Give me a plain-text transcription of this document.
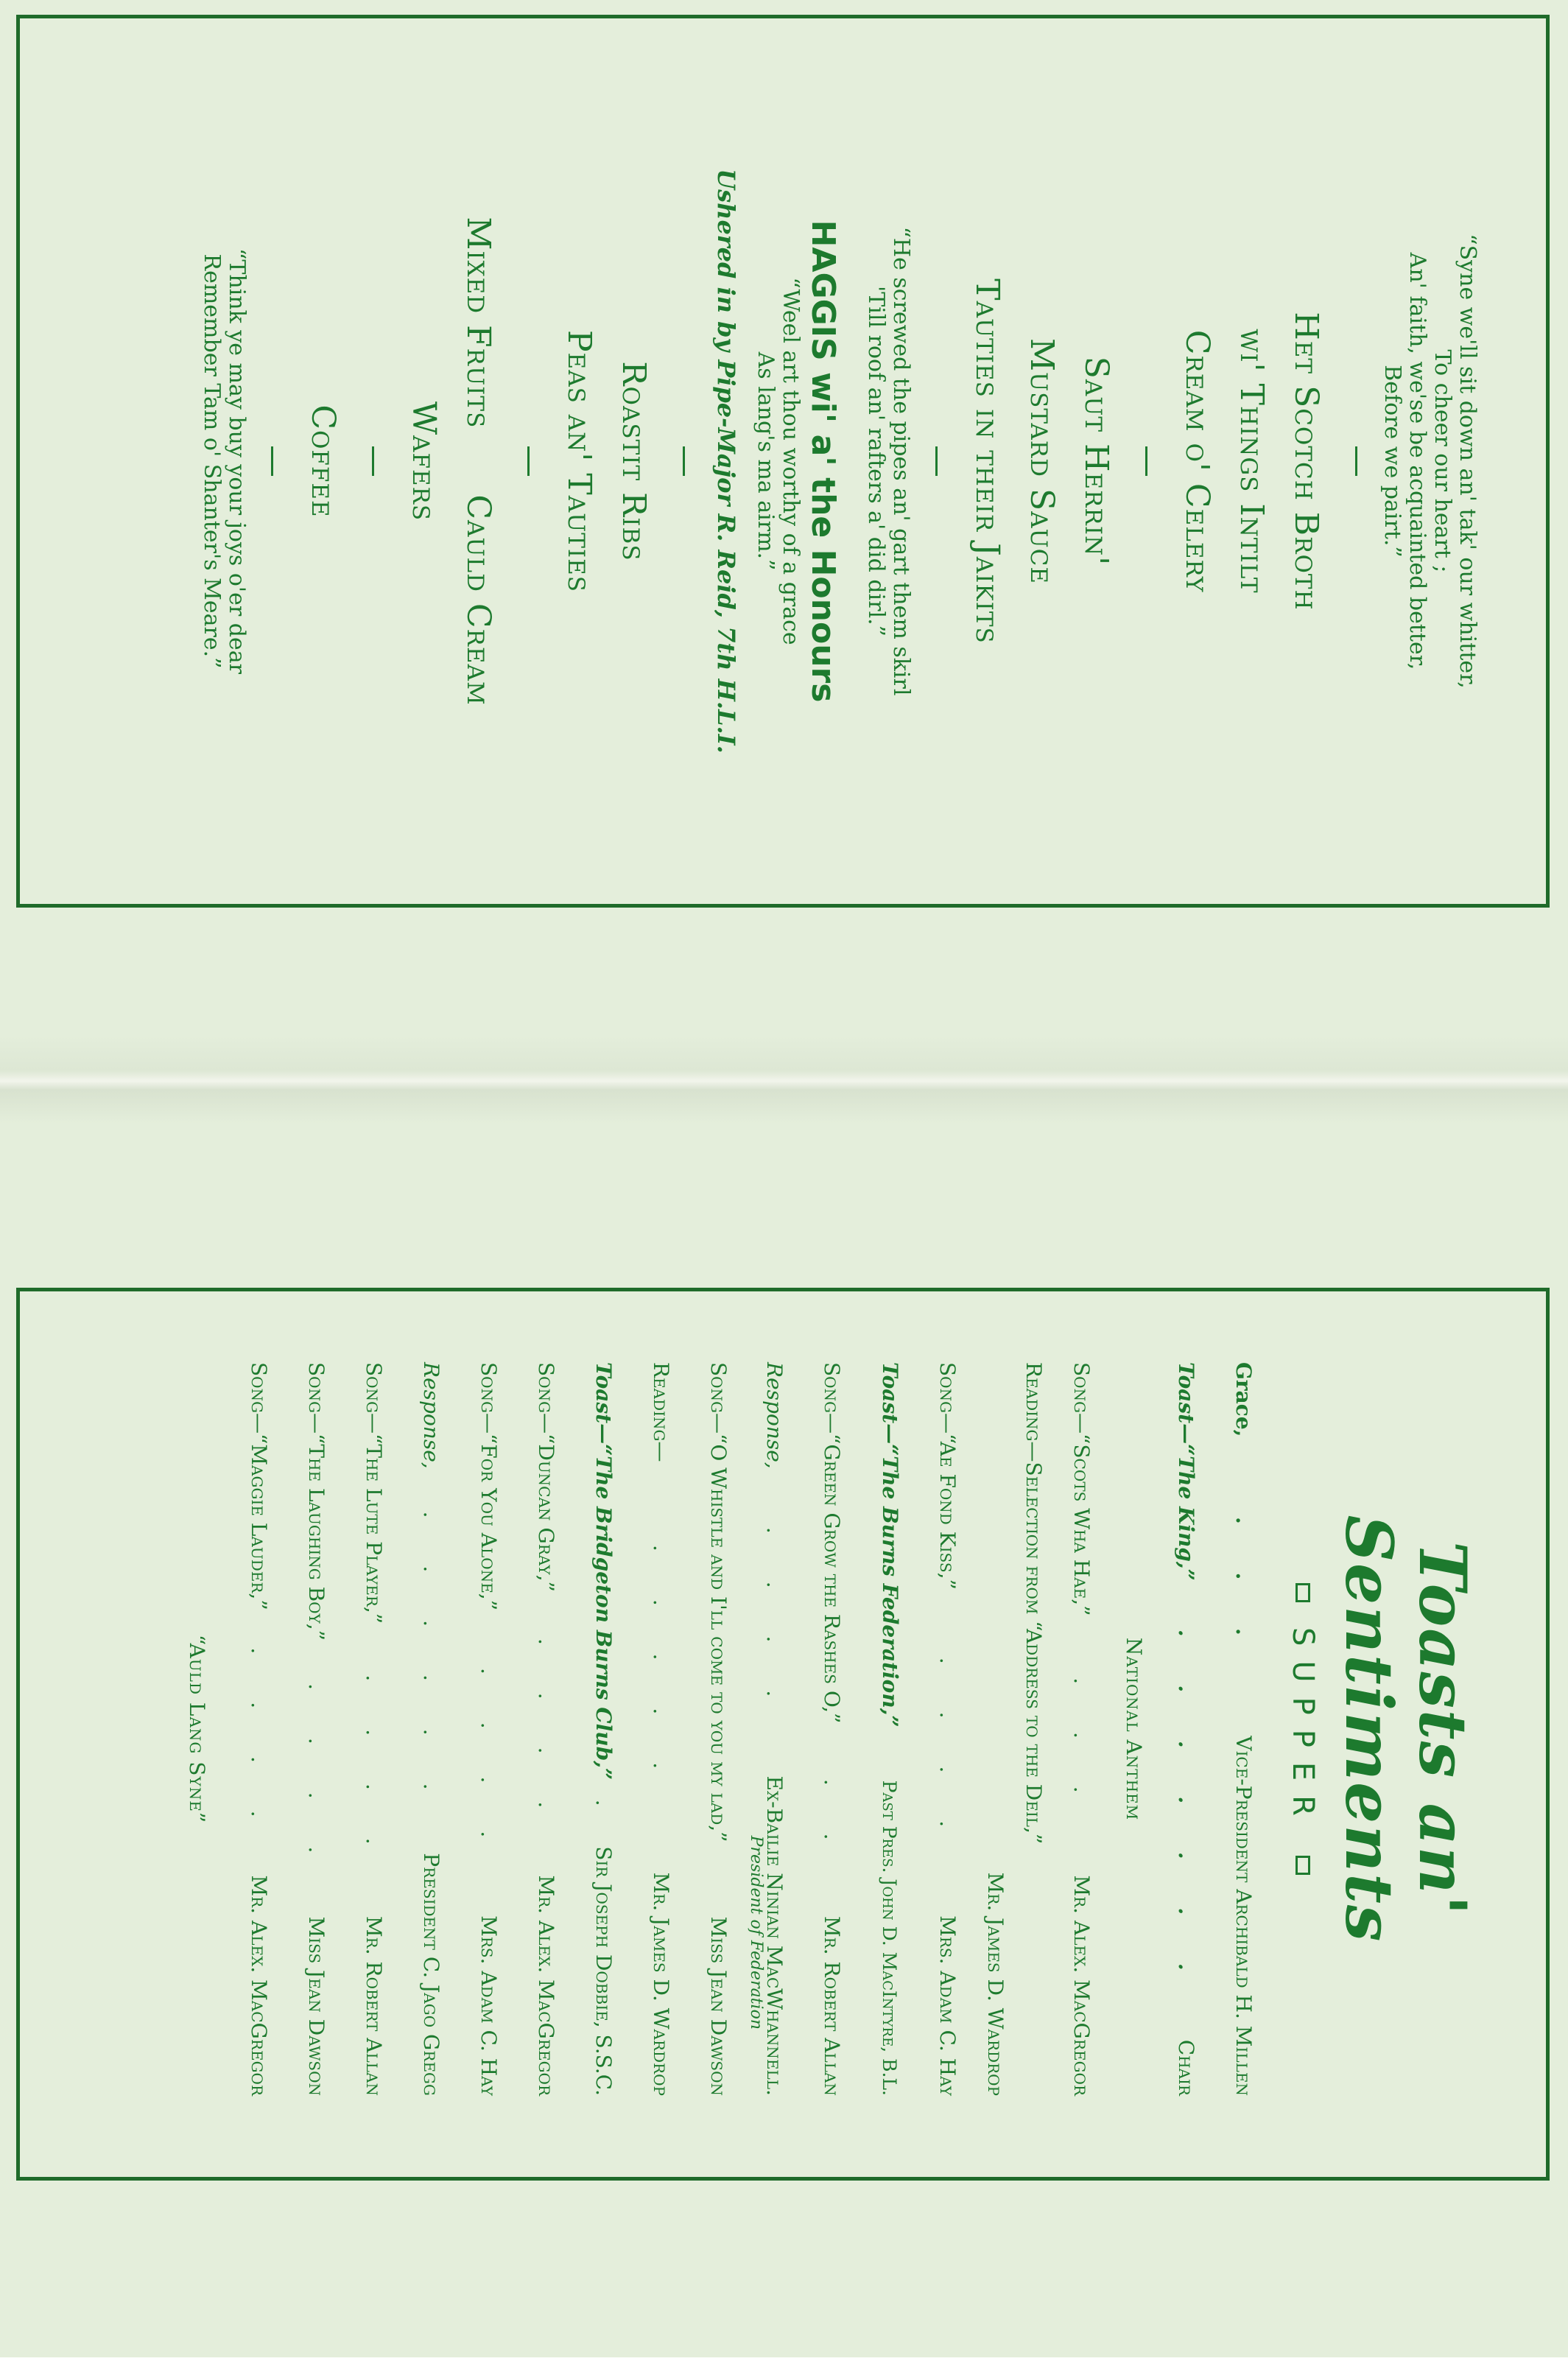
“Syne we'll sit down an' tak' our whitter,

To cheer our heart ;

An' faith, we'se be acquainted better,

Before we pairt.”

Het Scotch Broth
wi' Things Intilt
Cream o' Celery
Saut Herrin'
Mustard Sauce
Tauties in their Jaikits

“He screwed the pipes an' gart them skirl

'Till roof an' rafters a' did dirl.”

HAGGIS wi' a' the Honours

“Weel art thou worthy of a grace

As lang's ma airm.”

Ushered in by Pipe-Major R. Reid, 7th H.L.I.
Roastit Ribs
Peas an' Tauties
Mixed Fruits
Cauld Cream
Wafers
Coffee

“Think ye may buy your joys o'er dear

Remember Tam o' Shanter's Meare.”

Toasts an' Sentiments
SUPPER
Grace,
. . .
Vice-President Archibald H. Millen
Toast—“The King,”
. . . . . . .
Chair
National Anthem
Song—“Scots Wha Hae,”
. . .
Mr. Alex. MacGregor
Reading—Selection from “Address to the Deil,”
Mr. James D. Wardrop
Song—“Ae Fond Kiss,”
. . . .
Mrs. Adam C. Hay
Toast—“The Burns Federation,”
Past Pres. John D. MacIntyre, B.L.
Song—“Green Grow the Rashes O,”
. .
Mr. Robert Allan
Response,
. . . .
Ex-Bailie Ninian MacWhannell.
President of Federation
Song—“O Whistle and I'll come to you my lad,”
Miss Jean Dawson
Reading—
. . . . .
Mr. James D. Wardrop
Toast—“The Bridgeton Burns Club,”
.
Sir Joseph Dobbie, S.S.C.
Song—“Duncan Gray,”
. . . .
Mr. Alex. MacGregor
Song—“For You Alone,”
. . . .
Mrs. Adam C. Hay
Response,
. . . . . .
President C. Jago Gregg
Song—“The Lute Player,”
. . . .
Mr. Robert Allan
Song—“The Laughing Boy,”
. . . .
Miss Jean Dawson
Song—“Maggie Lauder,”
. . . .
Mr. Alex. MacGregor
“Auld Lang Syne”
